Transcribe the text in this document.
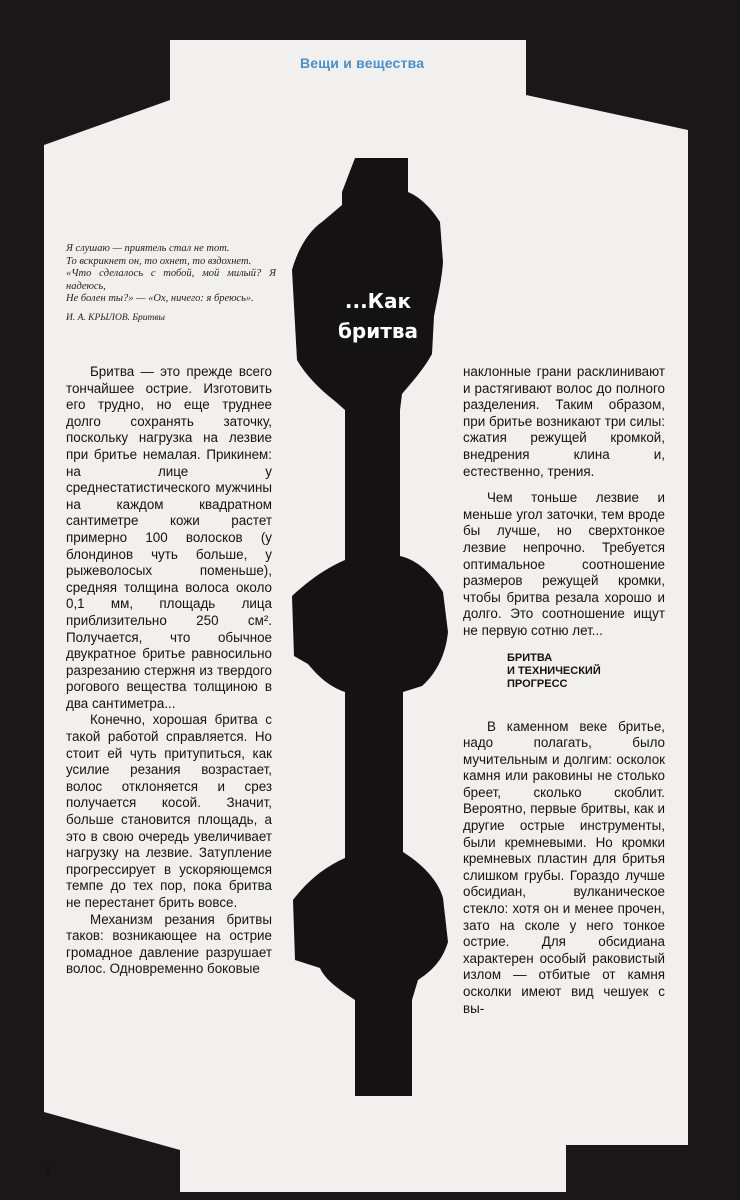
Вещи и вещества

Я слушаю — приятель стал не тот.
То вскрикнет он, то охнет, то вздохнет.
«Что сделалось с тобой, мой милый? Я надеюсь,
Не болен ты?» — «Ох, ничего: я бреюсь».

И. А. КРЫЛОВ. Бритвы

...Как
бритва

Бритва — это прежде всего тончайшее острие. Изготовить его трудно, но еще труднее долго сохранять заточку, поскольку нагрузка на лезвие при бритье немалая. Прикинем: на лице у среднестатистического мужчины на каждом квадратном сантиметре кожи растет примерно 100 волосков (у блондинов чуть больше, у рыжеволосых поменьше), средняя толщина волоса около 0,1 мм, площадь лица приблизительно 250 см². Получается, что обычное двукратное бритье равносильно разрезанию стержня из твердого рогового вещества толщиною в два сантиметра...

Конечно, хорошая бритва с такой работой справляется. Но стоит ей чуть притупиться, как усилие резания возрастает, волос отклоняется и срез получается косой. Значит, больше становится площадь, а это в свою очередь увеличивает нагрузку на лезвие. Затупление прогрессирует в ускоряющемся темпе до тех пор, пока бритва не перестанет брить вовсе.

Механизм резания бритвы таков: возникающее на острие громадное давление разрушает волос. Одновременно боковые

наклонные грани расклинивают и растягивают волос до полного разделения. Таким образом, при бритье возникают три силы: сжатия режущей кромкой, внедрения клина и, естественно, трения.

Чем тоньше лезвие и меньше угол заточки, тем вроде бы лучше, но сверхтонкое лезвие непрочно. Требуется оптимальное соотношение размеров режущей кромки, чтобы бритва резала хорошо и долго. Это соотношение ищут не первую сотню лет...

БРИТВА
И ТЕХНИЧЕСКИЙ
ПРОГРЕСС

В каменном веке бритье, надо полагать, было мучительным и долгим: осколок камня или раковины не столько бреет, сколько скоблит. Вероятно, первые бритвы, как и другие острые инструменты, были кремневыми. Но кромки кремневых пластин для бритья слишком грубы. Гораздо лучше обсидиан, вулканическое стекло: хотя он и менее прочен, зато на сколе у него тонкое острие. Для обсидиана характерен особый раковистый излом — отбитые от камня осколки имеют вид чешуек с вы-
